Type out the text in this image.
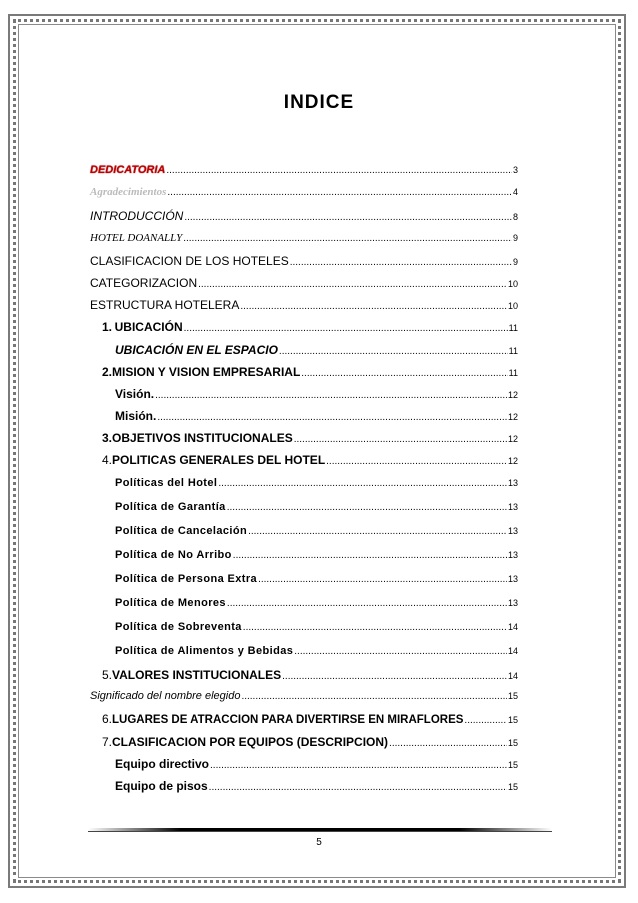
INDICE
DEDICATORIA .....	3
Agradecimientos .....	4
INTRODUCCIÓN .....	8
HOTEL DOANALLY .....	9
CLASIFICACION DE LOS HOTELES .....	9
CATEGORIZACION .....	10
ESTRUCTURA HOTELERA .....	10
1. UBICACIÓN .....	11
UBICACIÓN EN EL ESPACIO .....	11
2. MISION Y VISION EMPRESARIAL .....	11
Visión. .....	12
Misión. .....	12
3. OBJETIVOS INSTITUCIONALES .....	12
4. POLITICAS GENERALES DEL HOTEL .....	12
Políticas del Hotel .....	13
Política de Garantía .....	13
Política de Cancelación .....	13
Política de No Arribo .....	13
Política de Persona Extra .....	13
Política de Menores .....	13
Política de Sobreventa .....	14
Política de Alimentos y Bebidas .....	14
5. VALORES INSTITUCIONALES .....	14
Significado del nombre elegido .....	15
6. LUGARES DE ATRACCION PARA DIVERTIRSE EN MIRAFLORES .....	15
7. CLASIFICACION POR EQUIPOS (DESCRIPCION) .....	15
Equipo directivo .....	15
Equipo de pisos .....	15
5
